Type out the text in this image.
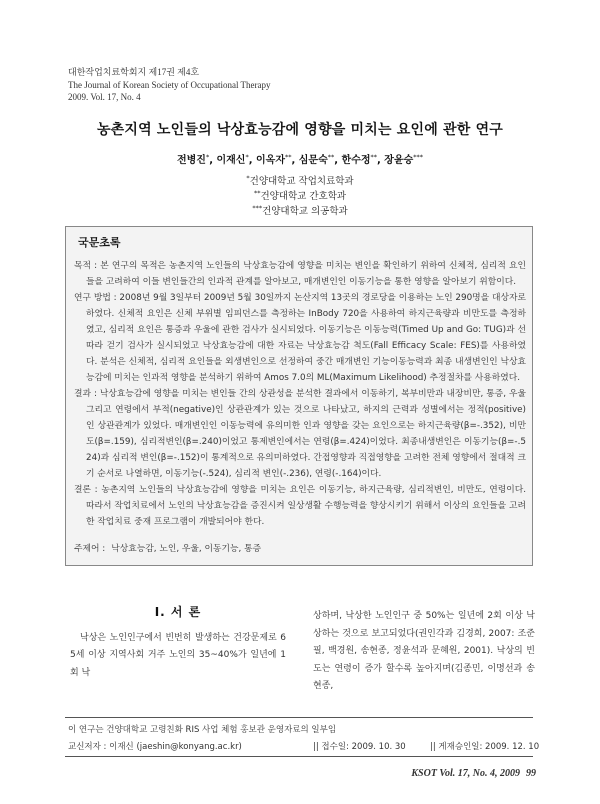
대한작업치료학회지 제17권 제4호
The Journal of Korean Society of Occupational Therapy
2009. Vol. 17, No. 4
농촌지역 노인들의 낙상효능감에 영향을 미치는 요인에 관한 연구
전병진*, 이재신*, 이옥자**, 심문숙**, 한수정**, 장윤승***
*건양대학교 작업치료학과
**건양대학교 간호학과
***건양대학교 의공학과
국문초록

목적 : 본 연구의 목적은 농촌지역 노인들의 낙상효능감에 영향을 미치는 변인을 확인하기 위하여 신체적, 심리적 요인들을 고려하여 이들 변인들간의 인과적 관계를 알아보고, 매개변인인 이동기능을 통한 영향을 알아보기 위함이다.

연구 방법 : 2008년 9월 3일부터 2009년 5월 30일까지 논산지역 13곳의 경로당을 이용하는 노인 290명을 대상자로 하였다. 신체적 요인은 신체 부위별 임피던스를 측정하는 InBody 720을 사용하여 하지근육량과 비만도를 측정하였고, 심리적 요인은 통증과 우울에 관한 검사가 실시되었다. 이동기능은 이동능력(Timed Up and Go: TUG)과 선따라 걷기 검사가 실시되었고 낙상효능감에 대한 자료는 낙상효능감 척도(Fall Efficacy Scale: FES)를 사용하였다. 분석은 신체적, 심리적 요인들을 외생변인으로 선정하여 중간 매개변인 기능이동능력과 최종 내생변인인 낙상효능감에 미치는 인과적 영향을 분석하기 위하여 Amos 7.0의 ML(Maximum Likelihood) 추정절차를 사용하였다.

결과 : 낙상효능감에 영향을 미치는 변인들 간의 상관성을 분석한 결과에서 이동하기, 복부비만과 내장비만, 통증, 우울 그리고 연령에서 부적(negative)인 상관관계가 있는 것으로 나타났고, 하지의 근력과 성별에서는 정적(positive)인 상관관계가 있었다. 매개변인인 이동능력에 유의미한 인과 영향을 갖는 요인으로는 하지근육량(β=-.352), 비만도(β=.159), 심리적변인(β=.240)이었고 통제변인에서는 연령(β=.424)이었다. 최종내생변인은 이동기능(β=-.524)과 심리적 변인(β=-.152)이 통계적으로 유의미하였다. 간접영향과 직접영향을 고려한 전체 영향에서 절대적 크기 순서로 나열하면, 이동기능(-.524), 심리적 변인(-.236), 연령(-.164)이다.

결론 : 농촌지역 노인들의 낙상효능감에 영향을 미치는 요인은 이동기능, 하지근육량, 심리적변인, 비만도, 연령이다. 따라서 작업치료에서 노인의 낙상효능감을 증진시켜 일상생활 수행능력을 향상시키기 위해서 이상의 요인들을 고려한 작업치료 중재 프로그램이 개발되어야 한다.

주제어 : 낙상효능감, 노인, 우울, 이동기능, 통증
Ⅰ. 서 론

낙상은 노인인구에서 빈번히 발생하는 건강문제로 65세 이상 지역사회 거주 노인의 35~40%가 일년에 1회 낙

상하며, 낙상한 노인인구 중 50%는 일년에 2회 이상 낙상하는 것으로 보고되었다(권인각과 김경희, 2007: 조준필, 백경원, 송현종, 정윤석과 문혜원, 2001). 낙상의 빈도는 연령이 증가 할수록 높아지며(김종민, 이명선과 송현종,

이 연구는 건양대학교 고령친화 RIS 사업 체험 홍보관 운영자료의 일부임
교신저자 : 이재신 (jaeshin@konyang.ac.kr)	|| 접수일: 2009. 10. 30	|| 게재승인일: 2009. 12. 10
KSOT Vol. 17, No. 4, 2009 99
